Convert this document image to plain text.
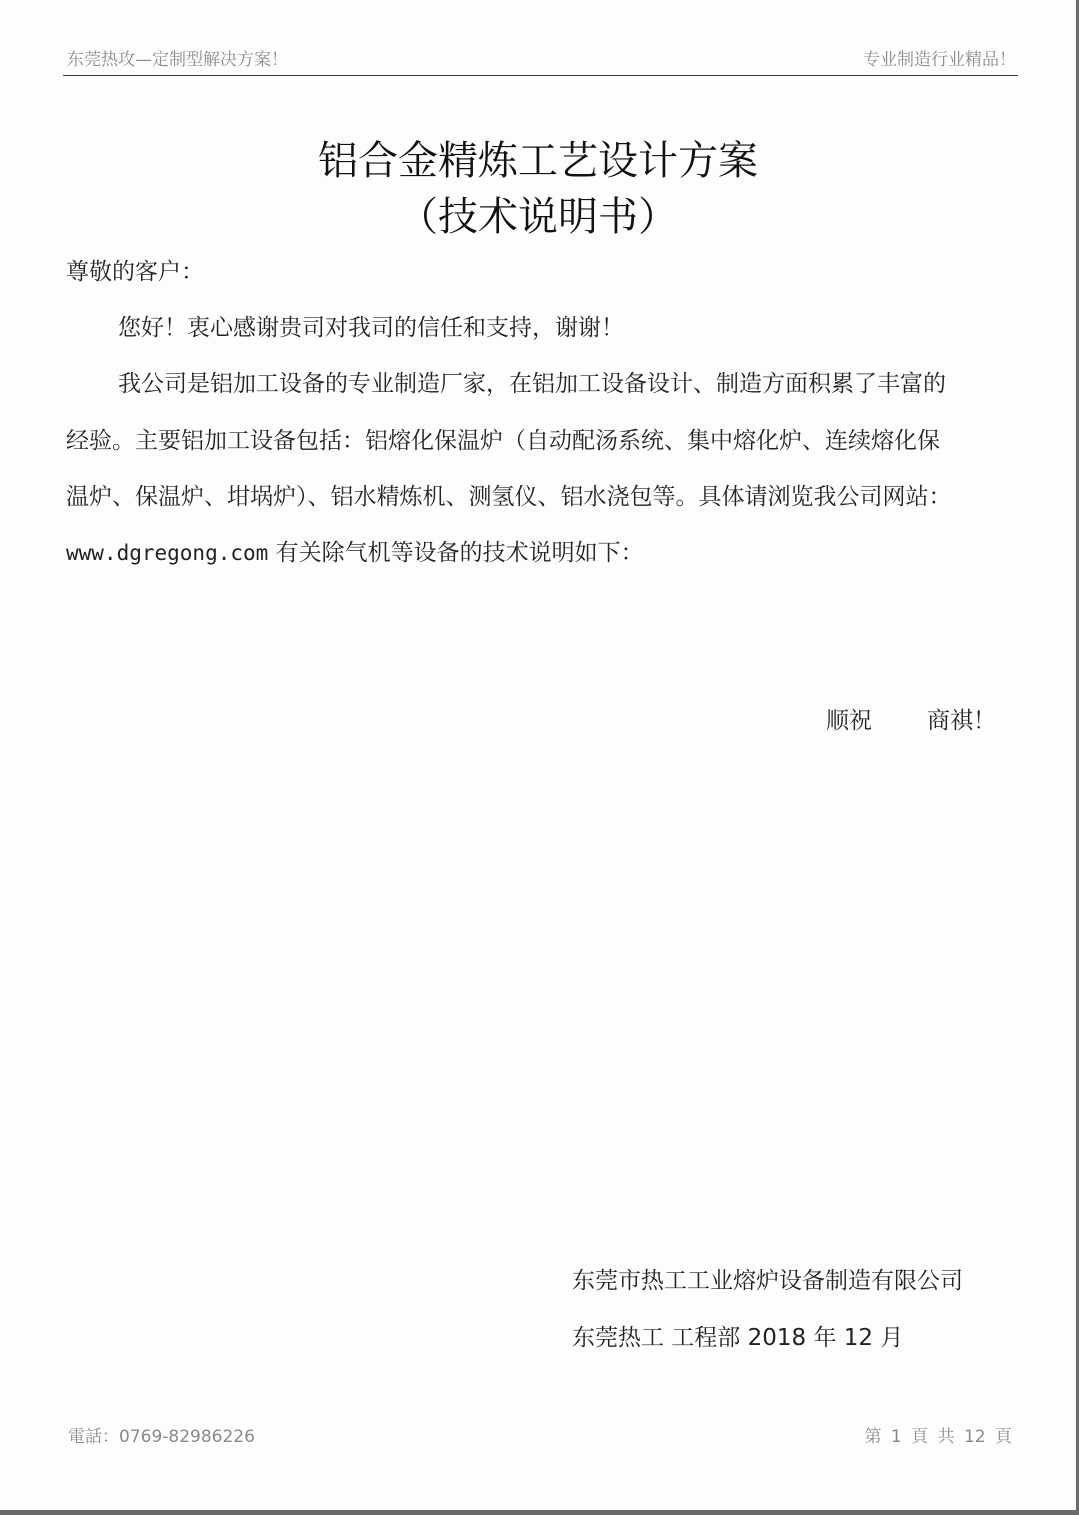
东莞热攻—定制型解决方案！	专业制造行业精品！
铝合金精炼工艺设计方案
（技术说明书）
尊敬的客户：
您好！衷心感谢贵司对我司的信任和支持，谢谢！
我公司是铝加工设备的专业制造厂家，在铝加工设备设计、制造方面积累了丰富的
经验。主要铝加工设备包括：铝熔化保温炉（自动配汤系统、集中熔化炉、连续熔化保
温炉、保温炉、坩埚炉）、铝水精炼机、测氢仪、铝水浇包等。具体请浏览我公司网站：
www.dgregong.com 有关除气机等设备的技术说明如下：
顺祝 商祺！
东莞市热工工业熔炉设备制造有限公司
东莞热工 工程部 2018 年 12 月
電話：0769-82986226	第 1 頁 共 12 頁
